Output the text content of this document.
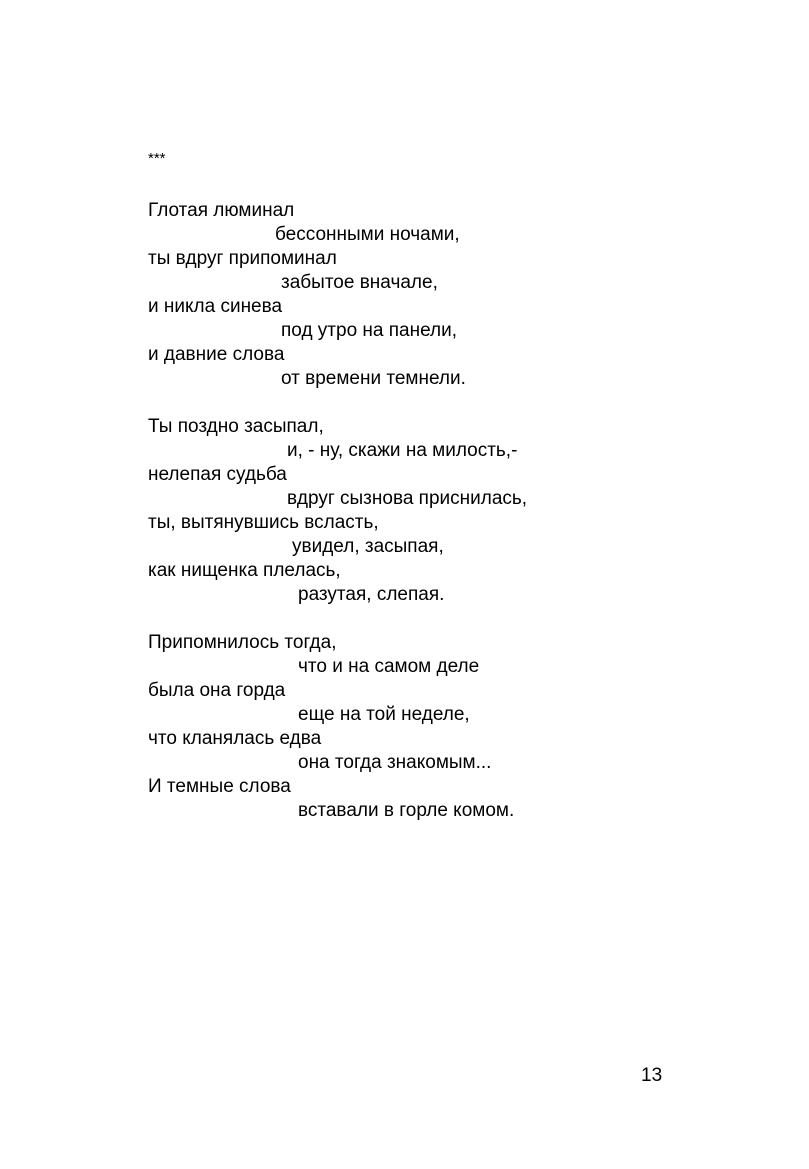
***
Глотая люминал
бессонными ночами,
ты вдруг припоминал
забытое вначале,
и никла синева
под утро на панели,
и давние слова
от времени темнели.
Ты поздно засыпал,
и, - ну, скажи на милость,-
нелепая судьба
вдруг сызнова приснилась,
ты, вытянувшись всласть,
увидел, засыпая,
как нищенка плелась,
разутая, слепая.
Припомнилось тогда,
что и на самом деле
была она горда
еще на той неделе,
что кланялась едва
она тогда знакомым...
И темные слова
вставали в горле комом.
13
